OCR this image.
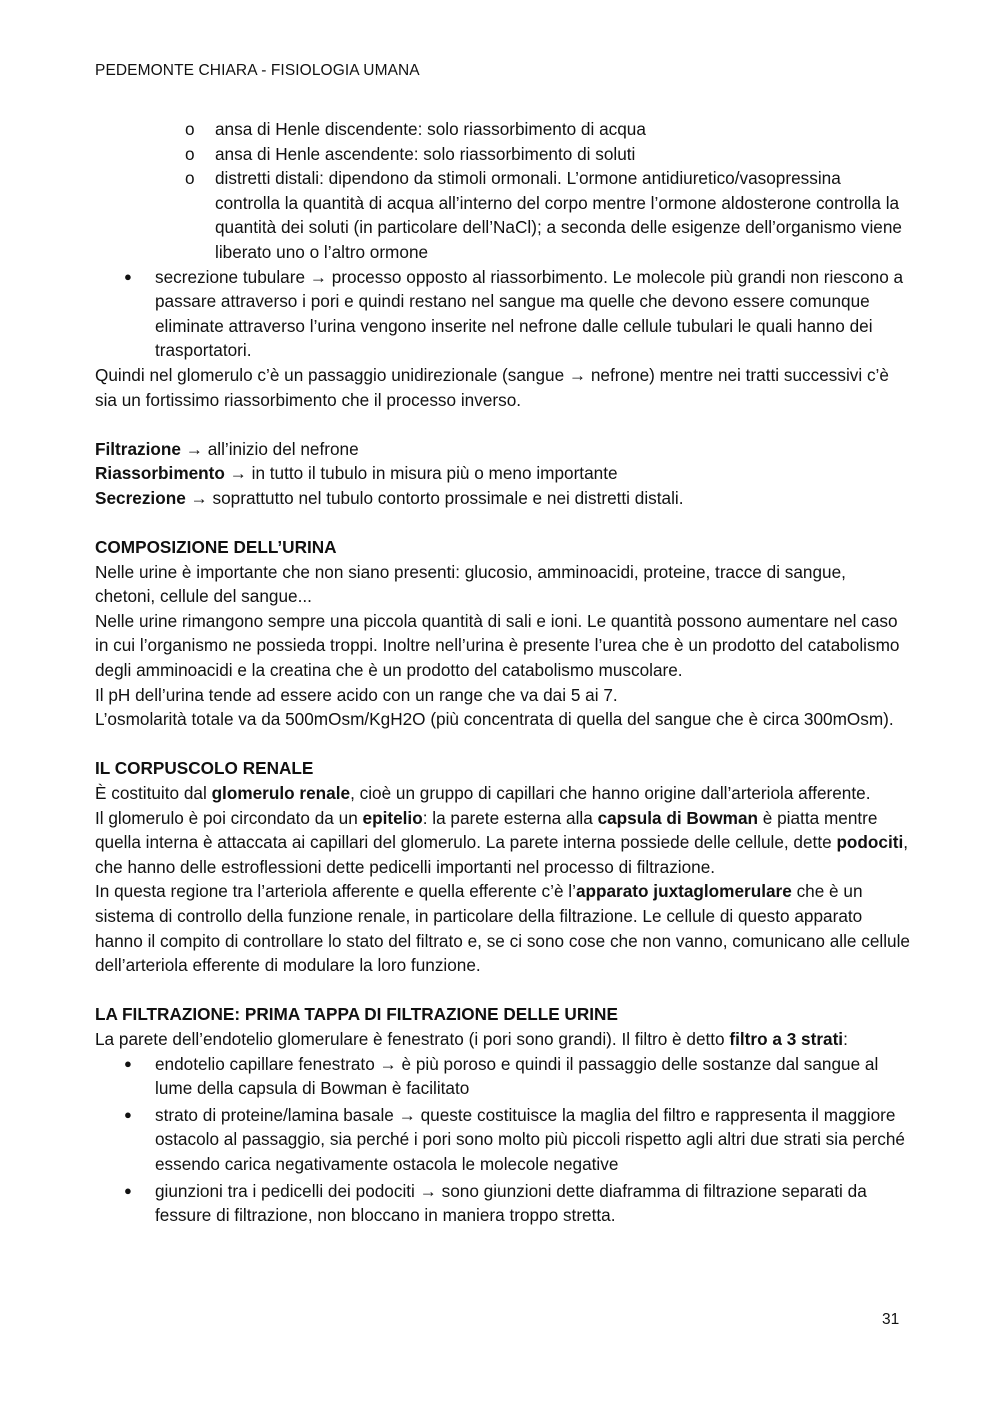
PEDEMONTE CHIARA - FISIOLOGIA UMANA
o ansa di Henle discendente: solo riassorbimento di acqua
o ansa di Henle ascendente: solo riassorbimento di soluti
o distretti distali: dipendono da stimoli ormonali. L’ormone antidiuretico/vasopressina controlla la quantità di acqua all’interno del corpo mentre l’ormone aldosterone controlla la quantità dei soluti (in particolare dell’NaCl); a seconda delle esigenze dell’organismo viene liberato uno o l’altro ormone
● secrezione tubulare → processo opposto al riassorbimento. Le molecole più grandi non riescono a passare attraverso i pori e quindi restano nel sangue ma quelle che devono essere comunque eliminate attraverso l’urina vengono inserite nel nefrone dalle cellule tubulari le quali hanno dei trasportatori.

Quindi nel glomerulo c’è un passaggio unidirezionale (sangue → nefrone) mentre nei tratti successivi c’è sia un fortissimo riassorbimento che il processo inverso.

Filtrazione → all’inizio del nefrone

Riassorbimento → in tutto il tubulo in misura più o meno importante

Secrezione → soprattutto nel tubulo contorto prossimale e nei distretti distali.

COMPOSIZIONE DELL’URINA

Nelle urine è importante che non siano presenti: glucosio, amminoacidi, proteine, tracce di sangue, chetoni, cellule del sangue...

Nelle urine rimangono sempre una piccola quantità di sali e ioni. Le quantità possono aumentare nel caso in cui l’organismo ne possieda troppi. Inoltre nell’urina è presente l’urea che è un prodotto del catabolismo degli amminoacidi e la creatina che è un prodotto del catabolismo muscolare.

Il pH dell’urina tende ad essere acido con un range che va dai 5 ai 7.

L’osmolarità totale va da 500mOsm/KgH2O (più concentrata di quella del sangue che è circa 300mOsm).

IL CORPUSCOLO RENALE

È costituito dal glomerulo renale, cioè un gruppo di capillari che hanno origine dall’arteriola afferente.

Il glomerulo è poi circondato da un epitelio: la parete esterna alla capsula di Bowman è piatta mentre quella interna è attaccata ai capillari del glomerulo. La parete interna possiede delle cellule, dette podociti, che hanno delle estroflessioni dette pedicelli importanti nel processo di filtrazione.

In questa regione tra l’arteriola afferente e quella efferente c’è l’apparato juxtaglomerulare che è un sistema di controllo della funzione renale, in particolare della filtrazione. Le cellule di questo apparato hanno il compito di controllare lo stato del filtrato e, se ci sono cose che non vanno, comunicano alle cellule dell’arteriola efferente di modulare la loro funzione.

LA FILTRAZIONE: PRIMA TAPPA DI FILTRAZIONE DELLE URINE

La parete dell’endotelio glomerulare è fenestrato (i pori sono grandi). Il filtro è detto filtro a 3 strati:

● endotelio capillare fenestrato → è più poroso e quindi il passaggio delle sostanze dal sangue al lume della capsula di Bowman è facilitato
● strato di proteine/lamina basale → queste costituisce la maglia del filtro e rappresenta il maggiore ostacolo al passaggio, sia perché i pori sono molto più piccoli rispetto agli altri due strati sia perché essendo carica negativamente ostacola le molecole negative
● giunzioni tra i pedicelli dei podociti → sono giunzioni dette diaframma di filtrazione separati da fessure di filtrazione, non bloccano in maniera troppo stretta.
31
